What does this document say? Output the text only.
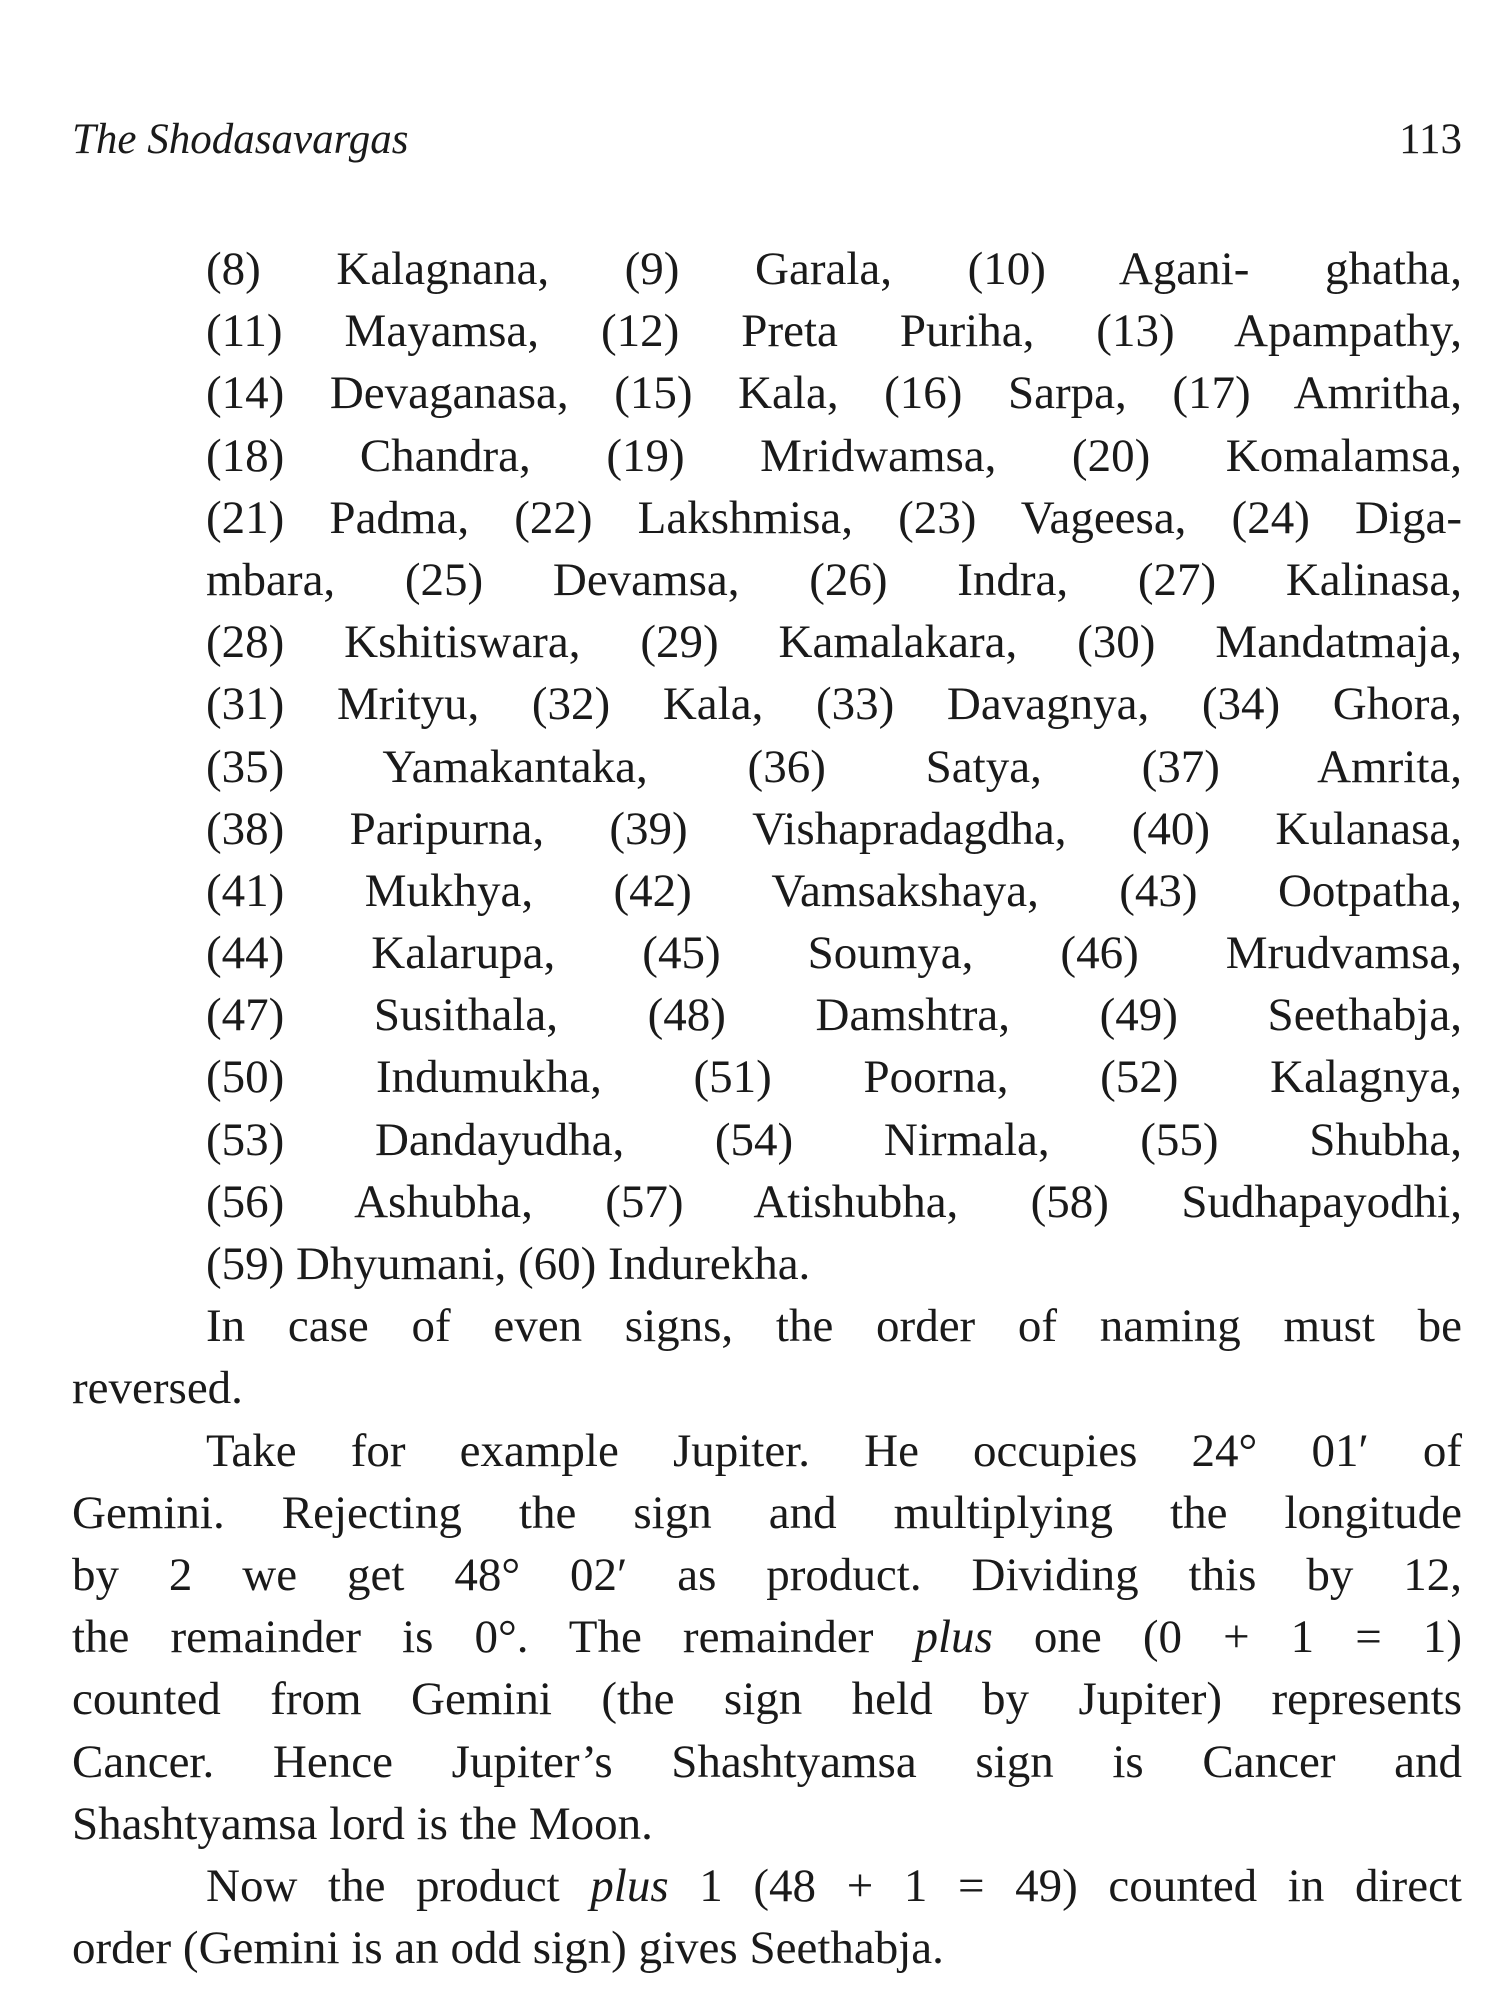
The Shodasavargas	113
(8) Kalagnana, (9) Garala, (10) Agani- ghatha,
(11) Mayamsa, (12) Preta Puriha, (13) Apampathy,
(14) Devaganasa, (15) Kala, (16) Sarpa, (17) Amritha,
(18) Chandra, (19) Mridwamsa, (20) Komalamsa,
(21) Padma, (22) Lakshmisa, (23) Vageesa, (24) Diga-
mbara, (25) Devamsa, (26) Indra, (27) Kalinasa,
(28) Kshitiswara, (29) Kamalakara, (30) Mandatmaja,
(31) Mrityu, (32) Kala, (33) Davagnya, (34) Ghora,
(35) Yamakantaka, (36) Satya, (37) Amrita,
(38) Paripurna, (39) Vishapradagdha, (40) Kulanasa,
(41) Mukhya, (42) Vamsakshaya, (43) Ootpatha,
(44) Kalarupa, (45) Soumya, (46) Mrudvamsa,
(47) Susithala, (48) Damshtra, (49) Seethabja,
(50) Indumukha, (51) Poorna, (52) Kalagnya,
(53) Dandayudha, (54) Nirmala, (55) Shubha,
(56) Ashubha, (57) Atishubha, (58) Sudhapayodhi,
(59) Dhyumani, (60) Indurekha.
In case of even signs, the order of naming must be
reversed.
Take for example Jupiter. He occupies 24° 01′ of
Gemini. Rejecting the sign and multiplying the longitude
by 2 we get 48° 02′ as product. Dividing this by 12,
the remainder is 0°. The remainder plus one (0 + 1 = 1)
counted from Gemini (the sign held by Jupiter) represents
Cancer. Hence Jupiter’s Shashtyamsa sign is Cancer and
Shashtyamsa lord is the Moon.
Now the product plus 1 (48 + 1 = 49) counted in direct
order (Gemini is an odd sign) gives Seethabja.
